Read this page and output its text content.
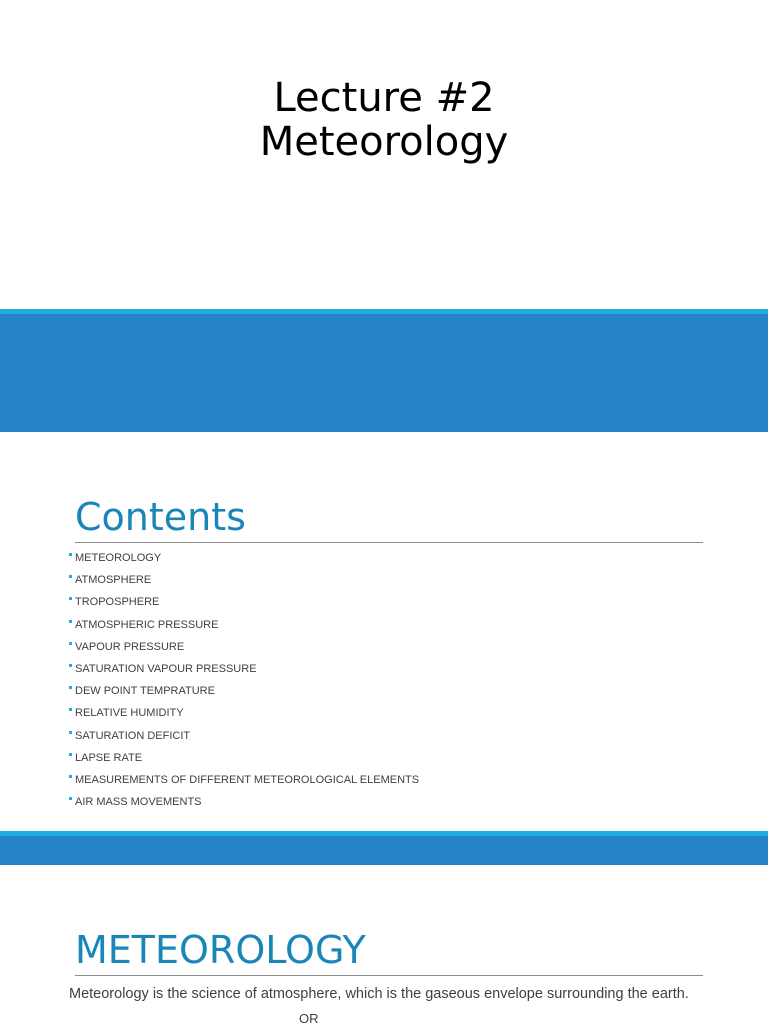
Lecture #2
Meteorology
Contents
METEOROLOGY
ATMOSPHERE
TROPOSPHERE
ATMOSPHERIC PRESSURE
VAPOUR PRESSURE
SATURATION VAPOUR PRESSURE
DEW POINT TEMPRATURE
RELATIVE HUMIDITY
SATURATION DEFICIT
LAPSE RATE
MEASUREMENTS OF DIFFERENT METEOROLOGICAL ELEMENTS
AIR MASS MOVEMENTS
METEOROLOGY

Meteorology is the science of atmosphere, which is the gaseous envelope surrounding the earth.

OR
